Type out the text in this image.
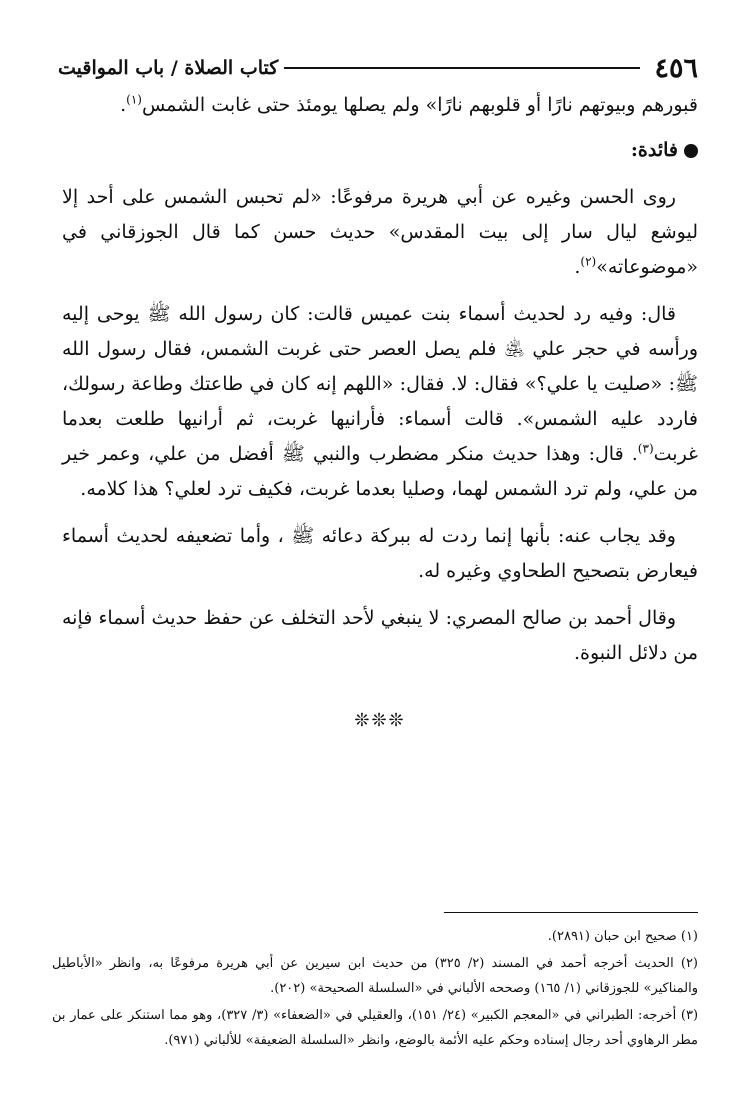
٤٥٦
كتاب الصلاة / باب المواقيت

قبورهم وبيوتهم نارًا أو قلوبهم نارًا» ولم يصلها يومئذ حتى غابت الشمس$^{(١)}$.

فائدة:

روى الحسن وغيره عن أبي هريرة مرفوعًا: «لم تحبس الشمس على أحد إلا ليوشع ليال سار إلى بيت المقدس» حديث حسن كما قال الجوزقاني في «موضوعاته»$^{(٢)}$.

قال: وفيه رد لحديث أسماء بنت عميس قالت: كان رسول الله ﷺ يوحى إليه ورأسه في حجر علي ﵁ فلم يصل العصر حتى غربت الشمس، فقال رسول الله ﷺ: «صليت يا علي؟» فقال: لا. فقال: «اللهم إنه كان في طاعتك وطاعة رسولك، فاردد عليه الشمس». قالت أسماء: فأرانيها غربت، ثم أرانيها طلعت بعدما غربت$^{(٣)}$. قال: وهذا حديث منكر مضطرب والنبي ﷺ أفضل من علي، وعمر خير من علي، ولم ترد الشمس لهما، وصليا بعدما غربت، فكيف ترد لعلي؟ هذا كلامه.

وقد يجاب عنه: بأنها إنما ردت له ببركة دعائه ﷺ ، وأما تضعيفه لحديث أسماء فيعارض بتصحيح الطحاوي وغيره له.

وقال أحمد بن صالح المصري: لا ينبغي لأحد التخلف عن حفظ حديث أسماء فإنه من دلائل النبوة.

❊❊❊

(١) صحيح ابن حبان (٢٨٩١).

(٢) الحديث أخرجه أحمد في المسند (٢/ ٣٢٥) من حديث ابن سيرين عن أبي هريرة مرفوعًا به، وانظر «الأباطيل والمناكير» للجوزقاني (١/ ١٦٥) وصححه الألباني في «السلسلة الصحيحة» (٢٠٢).

(٣) أخرجه: الطبراني في «المعجم الكبير» (٢٤/ ١٥١)، والعقيلي في «الضعفاء» (٣/ ٣٢٧)، وهو مما استنكر على عمار بن مطر الرهاوي أحد رجال إسناده وحكم عليه الأئمة بالوضع، وانظر «السلسلة الضعيفة» للألباني (٩٧١).
